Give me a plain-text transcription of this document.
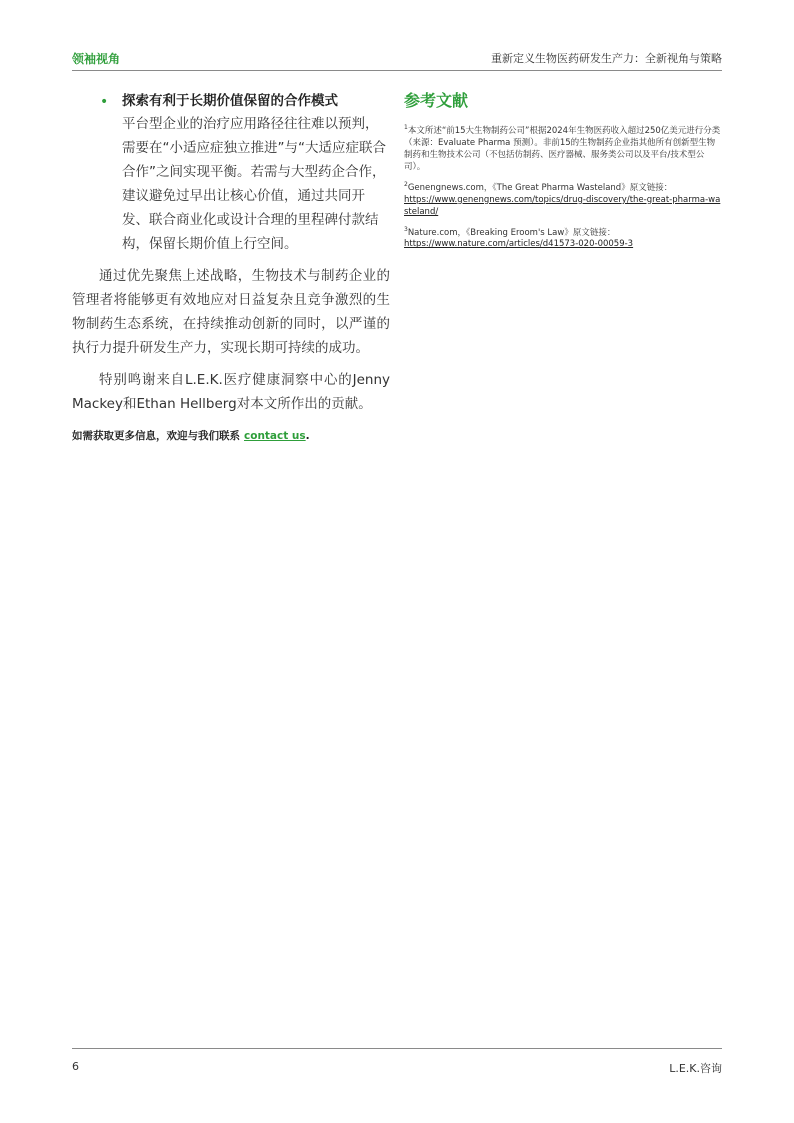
领袖视角	重新定义生物医药研发生产力：全新视角与策略
• 探索有利于长期价值保留的合作模式
平台型企业的治疗应用路径往往难以预判，需要在“小适应症独立推进”与“大适应症联合合作”之间实现平衡。若需与大型药企合作，建议避免过早出让核心价值，通过共同开发、联合商业化或设计合理的里程碑付款结构，保留长期价值上行空间。
通过优先聚焦上述战略，生物技术与制药企业的管理者将能够更有效地应对日益复杂且竞争激烈的生物制药生态系统，在持续推动创新的同时，以严谨的执行力提升研发生产力，实现长期可持续的成功。
特别鸣谢来自L.E.K.医疗健康洞察中心的Jenny Mackey和Ethan Hellberg对本文所作出的贡献。
如需获取更多信息，欢迎与我们联系 contact us.
参考文献
$^1$本文所述“前15大生物制药公司”根据2024年生物医药收入超过250亿美元进行分类（来源：Evaluate Pharma 预测）。非前15的生物制药企业指其他所有创新型生物制药和生物技术公司（不包括仿制药、医疗器械、服务类公司以及平台/技术型公司）。
$^2$Genengnews.com，《The Great Pharma Wasteland》原文链接：
https://www.genengnews.com/topics/drug-discovery/the-great-pharma-wasteland/
$^3$Nature.com，《Breaking Eroom's Law》原文链接：
https://www.nature.com/articles/d41573-020-00059-3
6	L.E.K.咨询
